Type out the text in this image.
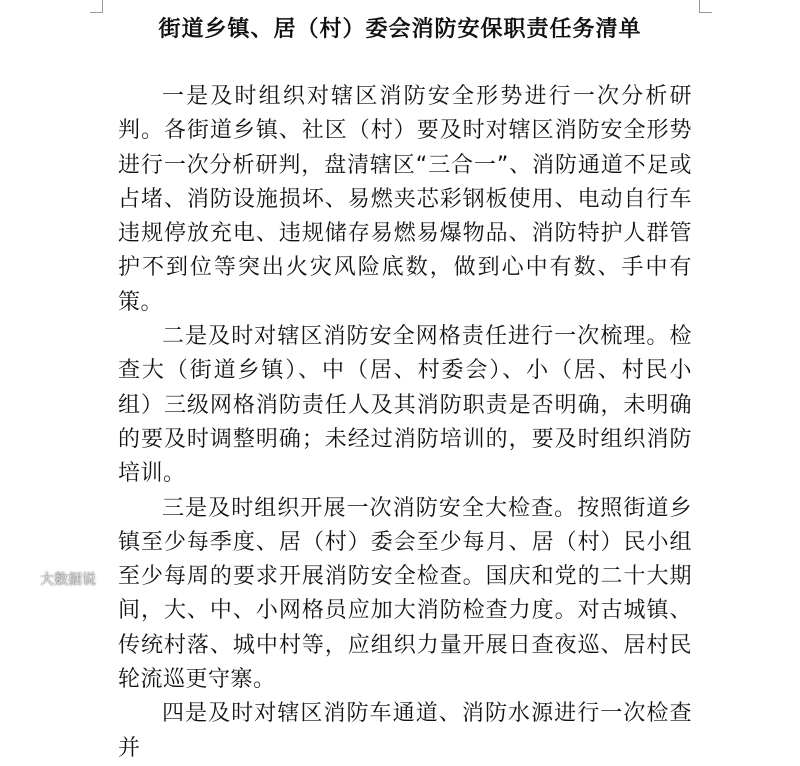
街道乡镇、居（村）委会消防安保职责任务清单

一是及时组织对辖区消防安全形势进行一次分析研判。各街道乡镇、社区（村）要及时对辖区消防安全形势进行一次分析研判，盘清辖区“三合一”、消防通道不足或占堵、消防设施损坏、易燃夹芯彩钢板使用、电动自行车违规停放充电、违规储存易燃易爆物品、消防特护人群管护不到位等突出火灾风险底数，做到心中有数、手中有策。

二是及时对辖区消防安全网格责任进行一次梳理。检查大（街道乡镇）、中（居、村委会）、小（居、村民小组）三级网格消防责任人及其消防职责是否明确，未明确的要及时调整明确；未经过消防培训的，要及时组织消防培训。

三是及时组织开展一次消防安全大检查。按照街道乡镇至少每季度、居（村）委会至少每月、居（村）民小组至少每周的要求开展消防安全检查。国庆和党的二十大期间，大、中、小网格员应加大消防检查力度。对古城镇、传统村落、城中村等，应组织力量开展日查夜巡、居村民轮流巡更守寨。

四是及时对辖区消防车通道、消防水源进行一次检查并

大数据说
